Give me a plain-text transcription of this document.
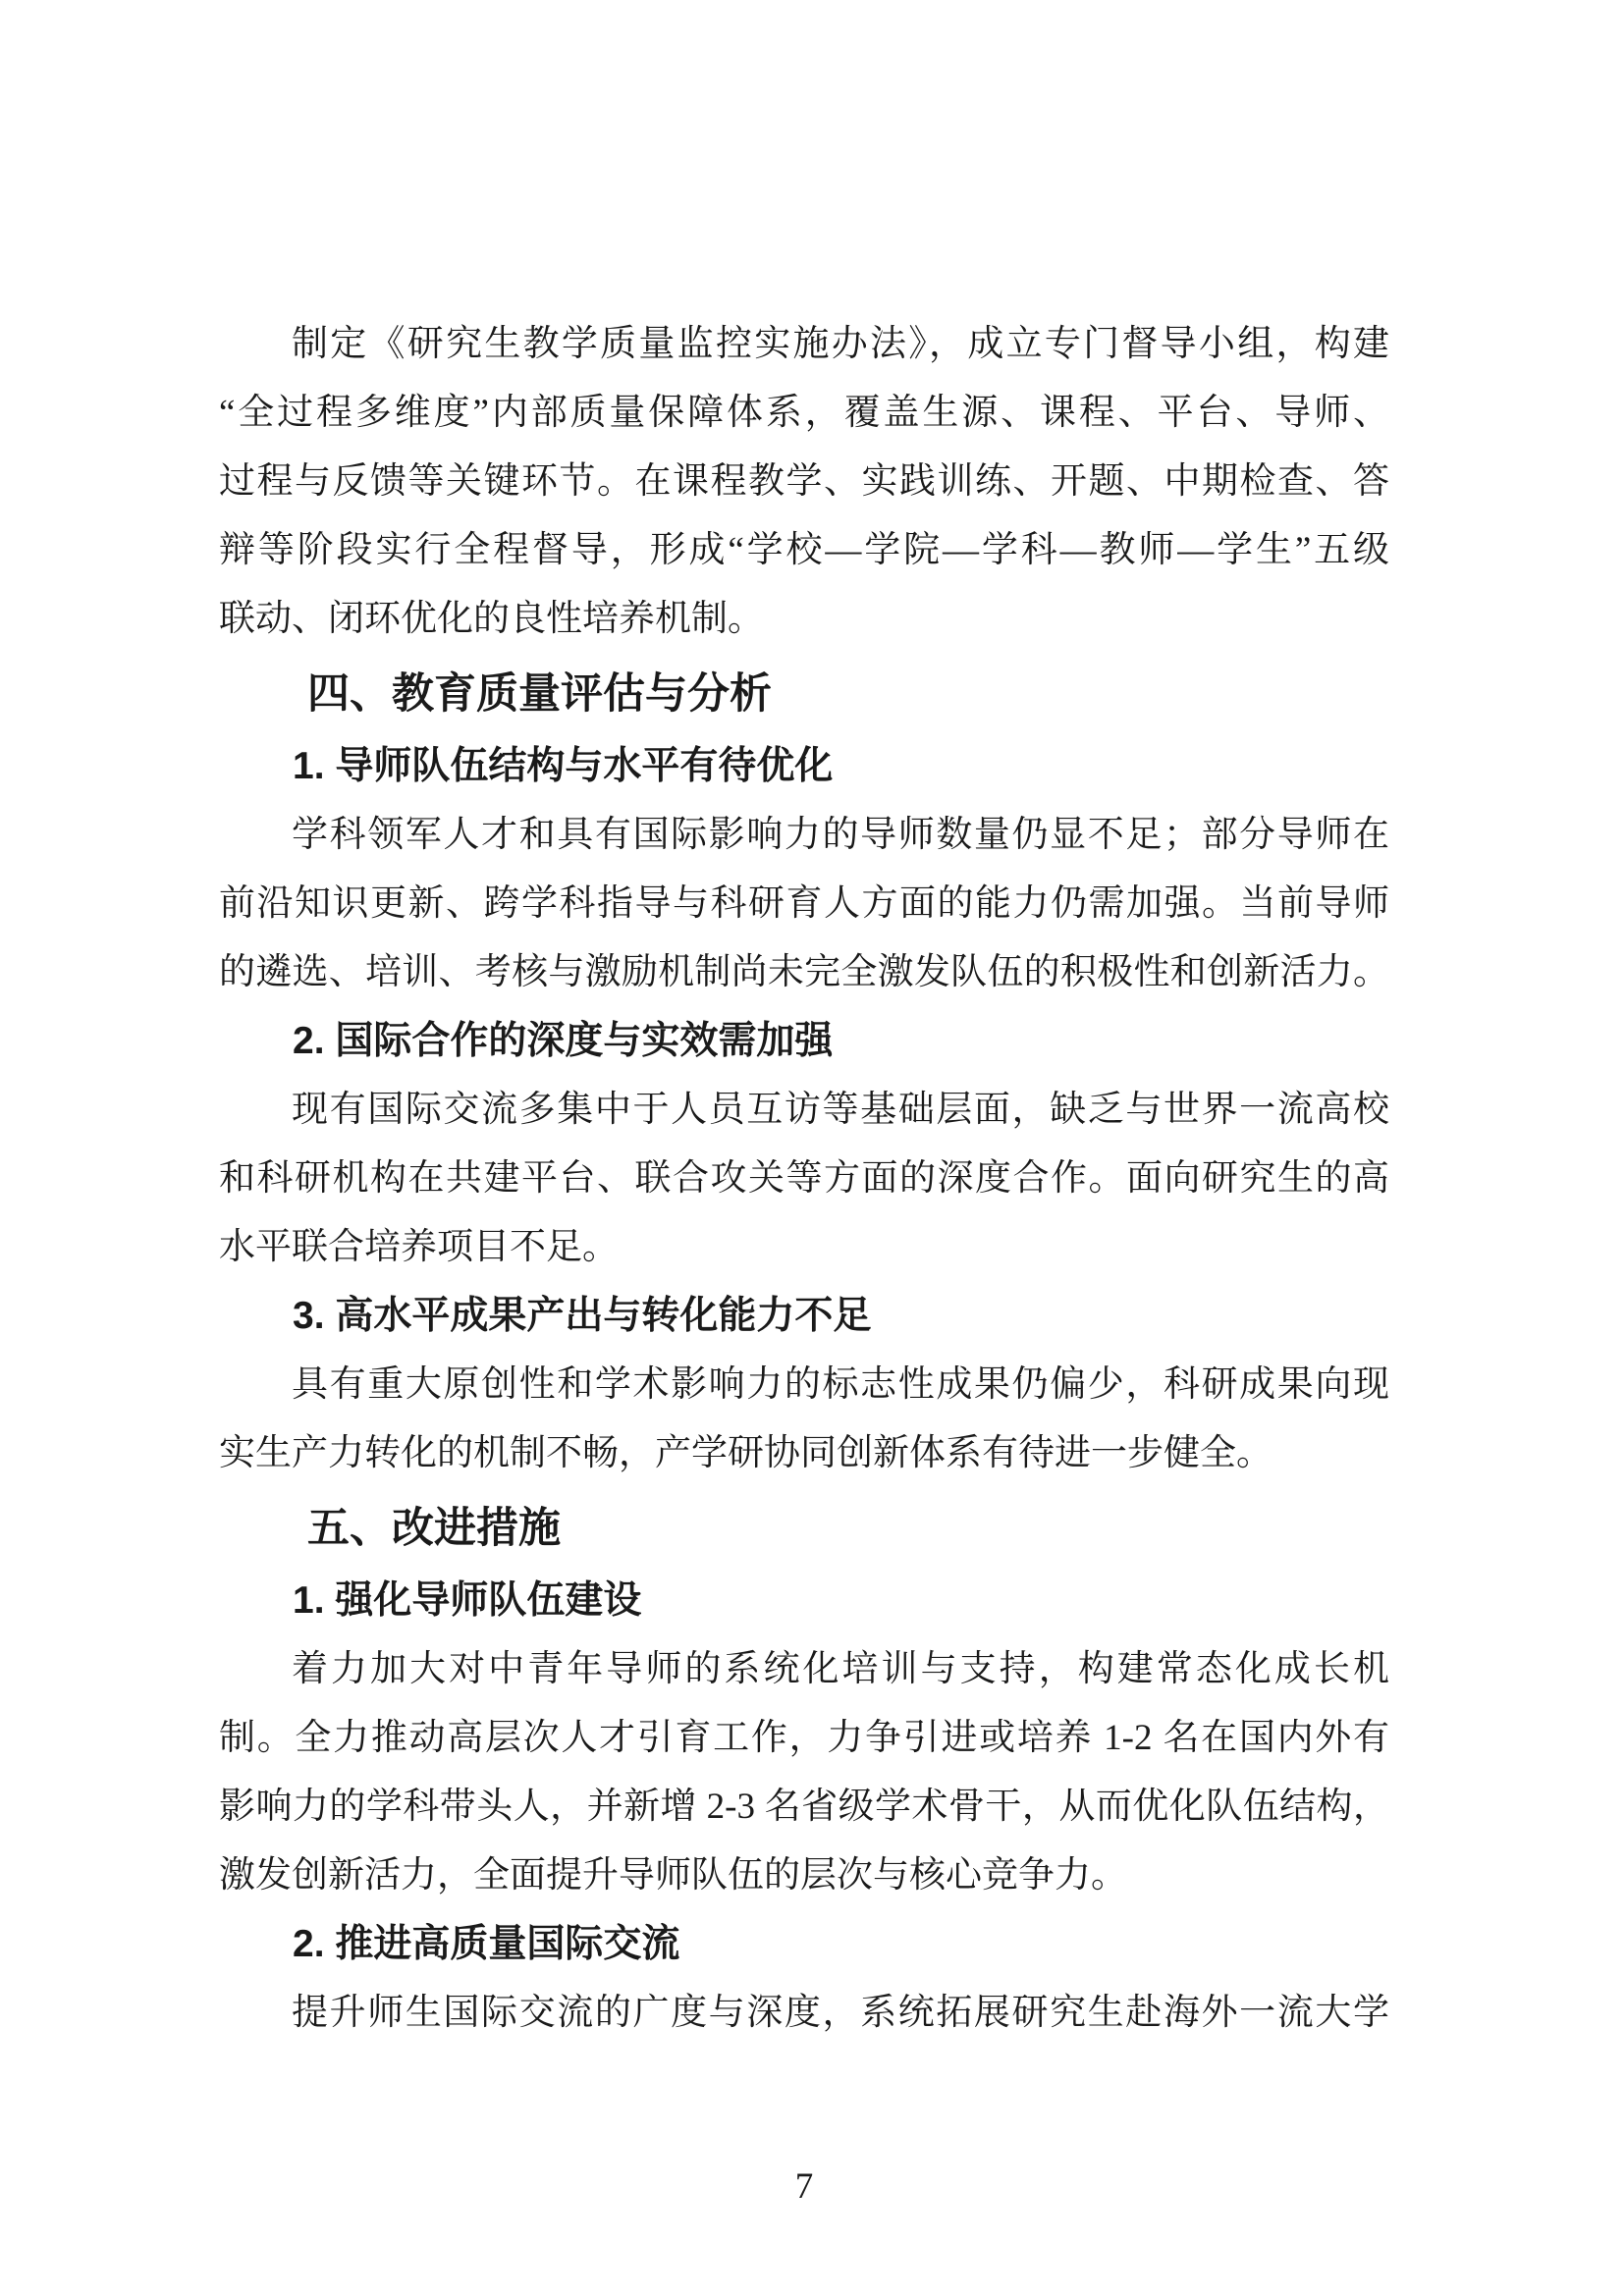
制定《研究生教学质量监控实施办法》，成立专门督导小组，构建
“全过程多维度”内部质量保障体系，覆盖生源、课程、平台、导师、
过程与反馈等关键环节。在课程教学、实践训练、开题、中期检查、答
辩等阶段实行全程督导，形成“学校—学院—学科—教师—学生”五级
联动、闭环优化的良性培养机制。
四、教育质量评估与分析
1. 导师队伍结构与水平有待优化
学科领军人才和具有国际影响力的导师数量仍显不足；部分导师在
前沿知识更新、跨学科指导与科研育人方面的能力仍需加强。当前导师
的遴选、培训、考核与激励机制尚未完全激发队伍的积极性和创新活力。
2. 国际合作的深度与实效需加强
现有国际交流多集中于人员互访等基础层面，缺乏与世界一流高校
和科研机构在共建平台、联合攻关等方面的深度合作。面向研究生的高
水平联合培养项目不足。
3. 高水平成果产出与转化能力不足
具有重大原创性和学术影响力的标志性成果仍偏少，科研成果向现
实生产力转化的机制不畅，产学研协同创新体系有待进一步健全。
五、改进措施
1. 强化导师队伍建设
着力加大对中青年导师的系统化培训与支持，构建常态化成长机
制。全力推动高层次人才引育工作，力争引进或培养 1-2 名在国内外有
影响力的学科带头人，并新增 2-3 名省级学术骨干，从而优化队伍结构，
激发创新活力，全面提升导师队伍的层次与核心竞争力。
2. 推进高质量国际交流
提升师生国际交流的广度与深度，系统拓展研究生赴海外一流大学
7
